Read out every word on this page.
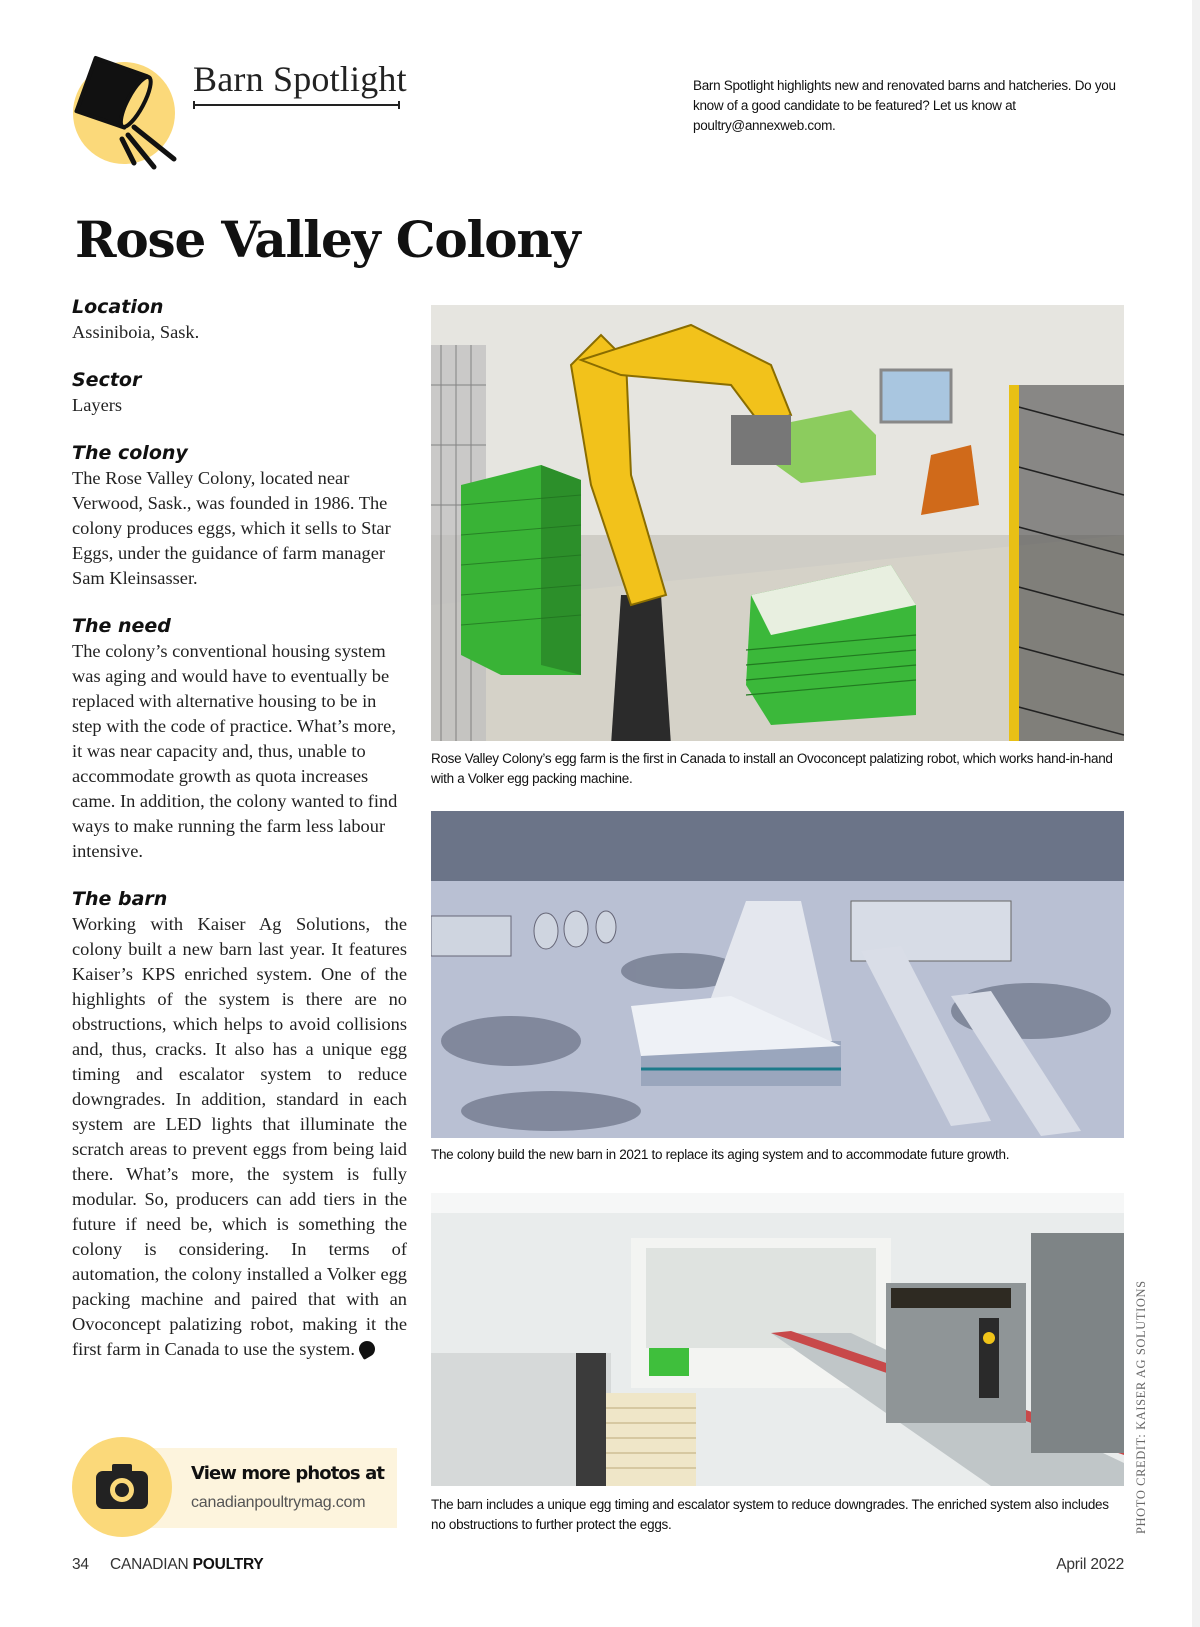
Barn Spotlight	Barn Spotlight highlights new and renovated barns and hatcheries. Do you know of a good candidate to be featured? Let us know at poultry@annexweb.com.
Rose Valley Colony
Location
Assiniboia, Sask.
Sector
Layers
The colony
The Rose Valley Colony, located near Verwood, Sask., was founded in 1986. The colony produces eggs, which it sells to Star Eggs, under the guidance of farm manager Sam Kleinsasser.
The need
The colony’s conventional housing system was aging and would have to eventually be replaced with alternative housing to be in step with the code of practice. What’s more, it was near capacity and, thus, unable to accommodate growth as quota increases came. In addition, the colony wanted to find ways to make running the farm less labour intensive.
The barn
Working with Kaiser Ag Solutions, the colony built a new barn last year. It features Kaiser’s KPS enriched system. One of the highlights of the system is there are no obstructions, which helps to avoid collisions and, thus, cracks. It also has a unique egg timing and escalator system to reduce downgrades. In addition, standard in each system are LED lights that illuminate the scratch areas to prevent eggs from being laid there. What’s more, the system is fully modular. So, producers can add tiers in the future if need be, which is something the colony is considering. In terms of automation, the colony installed a Volker egg packing machine and paired that with an Ovoconcept palatizing robot, making it the first farm in Canada to use the system.
Rose Valley Colony’s egg farm is the first in Canada to install an Ovoconcept palatizing robot, which works hand-in-hand with a Volker egg packing machine.
The colony build the new barn in 2021 to replace its aging system and to accommodate future growth.
The barn includes a unique egg timing and escalator system to reduce downgrades. The enriched system also includes no obstructions to further protect the eggs.	PHOTO CREDIT: KAISER AG SOLUTIONS
View more photos at
canadianpoultrymag.com
34 CANADIAN POULTRY	April 2022
